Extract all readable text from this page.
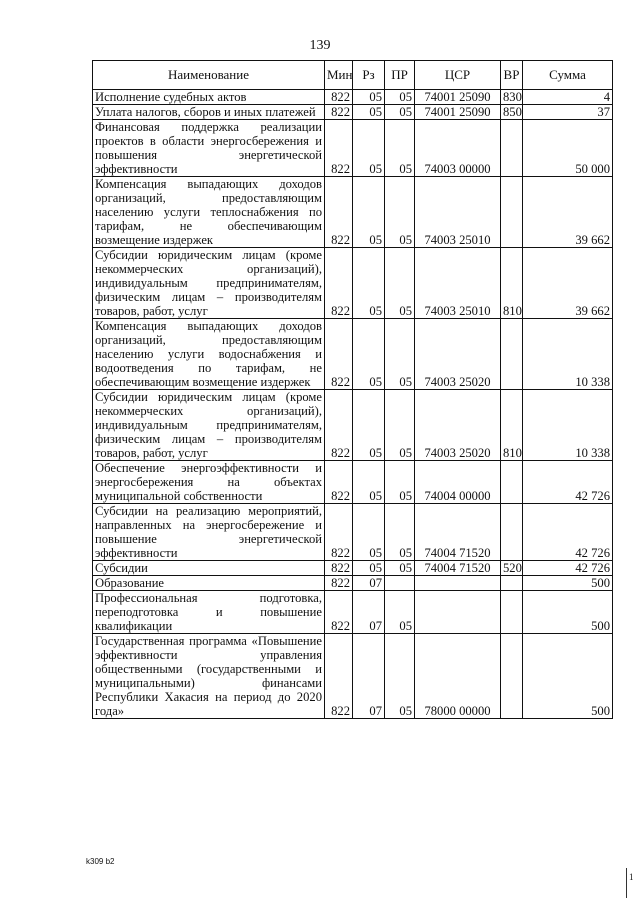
139
Наименование	Мин	Рз	ПР	ЦСР	ВР	Сумма
Исполнение судебных актов	822	05	05	74001 25090	830	4
Уплата налогов, сборов и иных платежей	822	05	05	74001 25090	850	37
Финансовая поддержка реализации проектов в области энергосбережения и повышения энергетической эффективности	822	05	05	74003 00000		50 000
Компенсация выпадающих доходов организаций, предоставляющим населению услуги теплоснабжения по тарифам, не обеспечивающим возмещение издержек	822	05	05	74003 25010		39 662
Субсидии юридическим лицам (кроме некоммерческих организаций), индивидуальным предпринимателям, физическим лицам – производителям товаров, работ, услуг	822	05	05	74003 25010	810	39 662
Компенсация выпадающих доходов организаций, предоставляющим населению услуги водоснабжения и водоотведения по тарифам, не обеспечивающим возмещение издержек	822	05	05	74003 25020		10 338
Субсидии юридическим лицам (кроме некоммерческих организаций), индивидуальным предпринимателям, физическим лицам – производителям товаров, работ, услуг	822	05	05	74003 25020	810	10 338
Обеспечение энергоэффективности и энергосбережения на объектах муниципальной собственности	822	05	05	74004 00000		42 726
Субсидии на реализацию мероприятий, направленных на энергосбережение и повышение энергетической эффективности	822	05	05	74004 71520		42 726
Субсидии	822	05	05	74004 71520	520	42 726
Образование	822	07				500
Профессиональная подготовка, переподготовка и повышение квалификации	822	07	05			500
Государственная программа «Повышение эффективности управления общественными (государственными и муниципальными) финансами Республики Хакасия на период до 2020 года»	822	07	05	78000 00000		500
k309 b2
1
